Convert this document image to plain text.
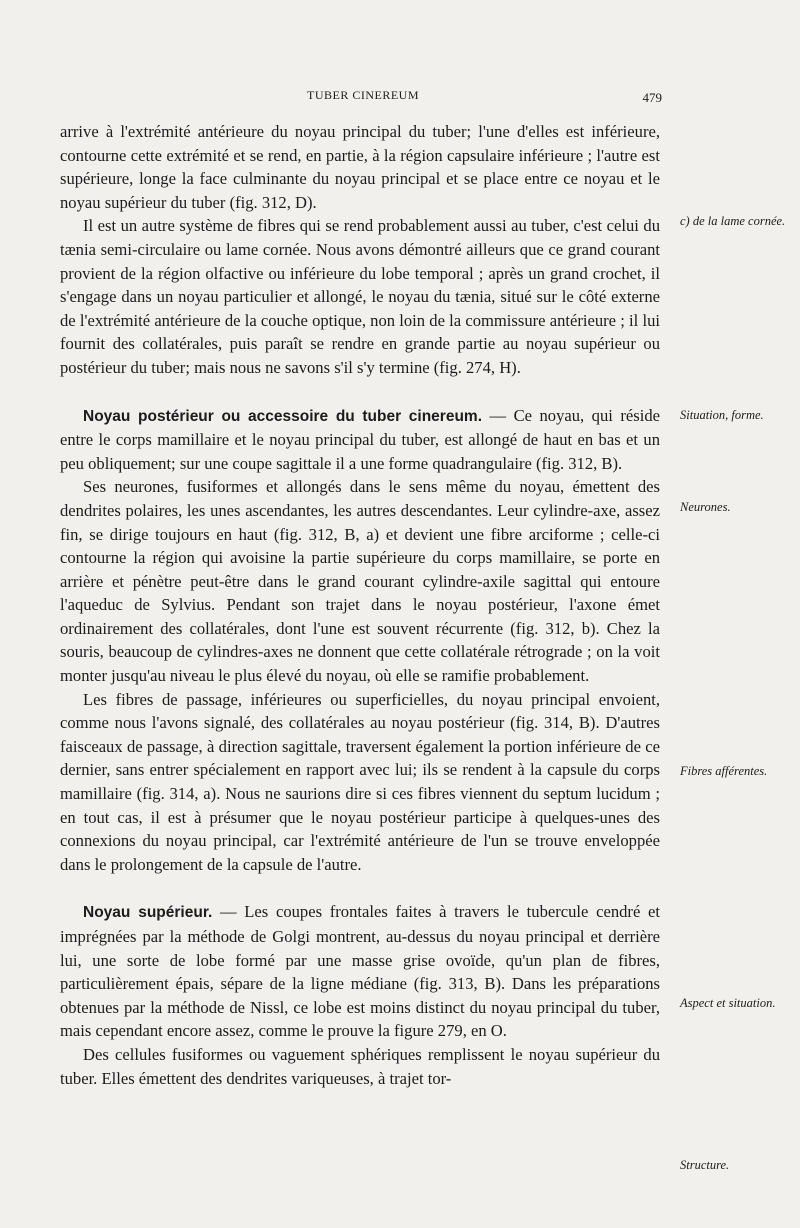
TUBER CINEREUM	479

arrive à l'extrémité antérieure du noyau principal du tuber; l'une d'elles est inférieure, contourne cette extrémité et se rend, en partie, à la région capsulaire inférieure ; l'autre est supérieure, longe la face culminante du noyau principal et se place entre ce noyau et le noyau supérieur du tuber (fig. 312, D).

Il est un autre système de fibres qui se rend probablement aussi au tuber, c'est celui du tænia semi-circulaire ou lame cornée. Nous avons démontré ailleurs que ce grand courant provient de la région olfactive ou inférieure du lobe temporal ; après un grand crochet, il s'engage dans un noyau particulier et allongé, le noyau du tænia, situé sur le côté externe de l'extrémité antérieure de la couche optique, non loin de la commissure antérieure ; il lui fournit des collatérales, puis paraît se rendre en grande partie au noyau supérieur ou postérieur du tuber; mais nous ne savons s'il s'y termine (fig. 274, H).

Noyau postérieur ou accessoire du tuber cinereum. — Ce noyau, qui réside entre le corps mamillaire et le noyau principal du tuber, est allongé de haut en bas et un peu obliquement; sur une coupe sagittale il a une forme quadrangulaire (fig. 312, B).

Ses neurones, fusiformes et allongés dans le sens même du noyau, émettent des dendrites polaires, les unes ascendantes, les autres descendantes. Leur cylindre-axe, assez fin, se dirige toujours en haut (fig. 312, B, a) et devient une fibre arciforme ; celle-ci contourne la région qui avoisine la partie supérieure du corps mamillaire, se porte en arrière et pénètre peut-être dans le grand courant cylindre-axile sagittal qui entoure l'aqueduc de Sylvius. Pendant son trajet dans le noyau postérieur, l'axone émet ordinairement des collatérales, dont l'une est souvent récurrente (fig. 312, b). Chez la souris, beaucoup de cylindres-axes ne donnent que cette collatérale rétrograde ; on la voit monter jusqu'au niveau le plus élevé du noyau, où elle se ramifie probablement.

Les fibres de passage, inférieures ou superficielles, du noyau principal envoient, comme nous l'avons signalé, des collatérales au noyau postérieur (fig. 314, B). D'autres faisceaux de passage, à direction sagittale, traversent également la portion inférieure de ce dernier, sans entrer spécialement en rapport avec lui; ils se rendent à la capsule du corps mamillaire (fig. 314, a). Nous ne saurions dire si ces fibres viennent du septum lucidum ; en tout cas, il est à présumer que le noyau postérieur participe à quelques-unes des connexions du noyau principal, car l'extrémité antérieure de l'un se trouve enveloppée dans le prolongement de la capsule de l'autre.

Noyau supérieur. — Les coupes frontales faites à travers le tubercule cendré et imprégnées par la méthode de Golgi montrent, au-dessus du noyau principal et derrière lui, une sorte de lobe formé par une masse grise ovoïde, qu'un plan de fibres, particulièrement épais, sépare de la ligne médiane (fig. 313, B). Dans les préparations obtenues par la méthode de Nissl, ce lobe est moins distinct du noyau principal du tuber, mais cependant encore assez, comme le prouve la figure 279, en O.

Des cellules fusiformes ou vaguement sphériques remplissent le noyau supérieur du tuber. Elles émettent des dendrites variqueuses, à trajet tor-

c) de la lame cornée.
Situation, forme.
Neurones.
Fibres afférentes.
Aspect et situation.
Structure.
